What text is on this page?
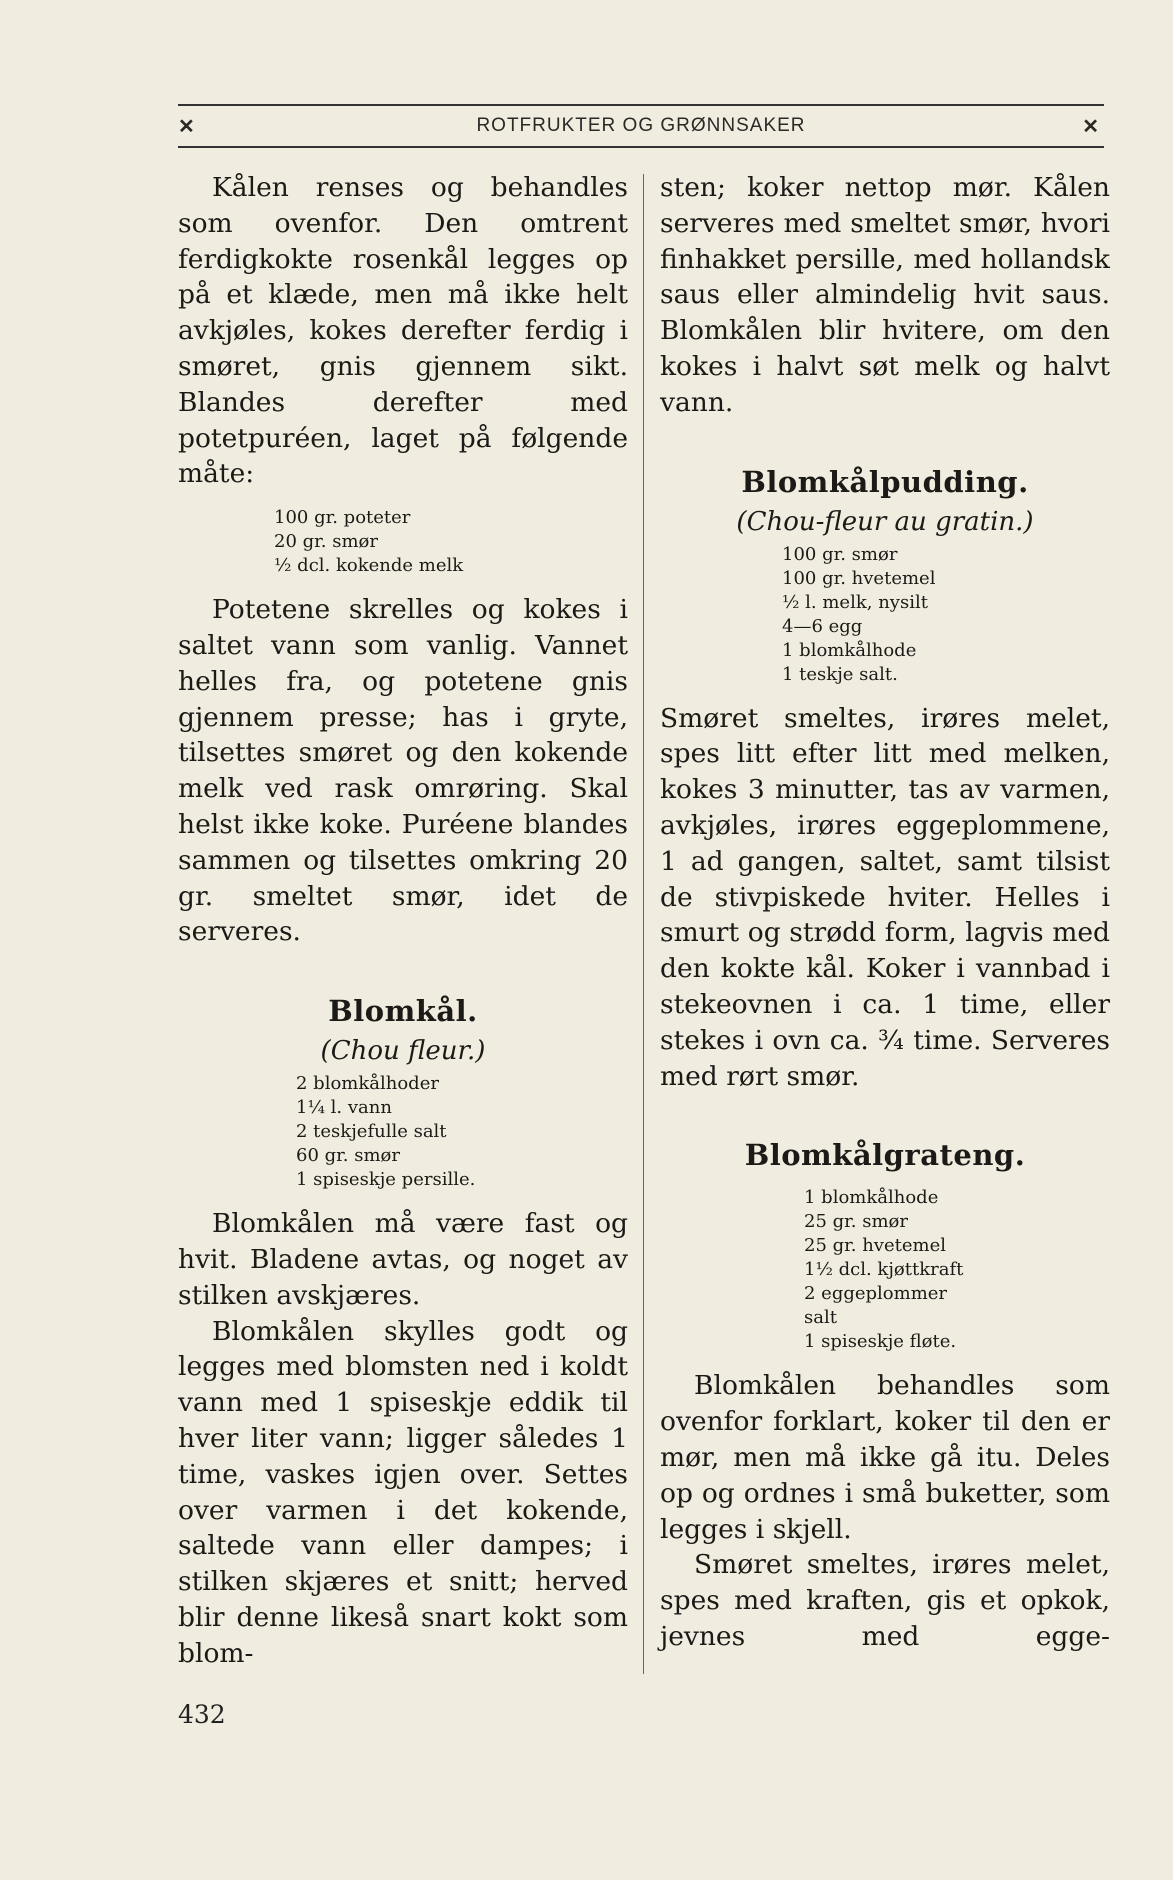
✕	ROTFRUKTER OG GRØNNSAKER	✕

Kålen renses og behandles som ovenfor. Den omtrent ferdigkokte rosenkål legges op på et klæde, men må ikke helt avkjøles, kokes derefter ferdig i smøret, gnis gjennem sikt. Blandes derefter med potetpuréen, laget på følgende måte:

100 gr. poteter
20 gr. smør
½ dcl. kokende melk

Potetene skrelles og kokes i saltet vann som vanlig. Vannet helles fra, og potetene gnis gjennem presse; has i gryte, tilsettes smøret og den kokende melk ved rask omrøring. Skal helst ikke koke. Puréene blandes sammen og tilsettes omkring 20 gr. smeltet smør, idet de serveres.

Blomkål.
(Chou fleur.)
2 blomkålhoder
1¼ l. vann
2 teskjefulle salt
60 gr. smør
1 spiseskje persille.

Blomkålen må være fast og hvit. Bladene avtas, og noget av stilken avskjæres.

Blomkålen skylles godt og legges med blomsten ned i koldt vann med 1 spiseskje eddik til hver liter vann; ligger således 1 time, vaskes igjen over. Settes over varmen i det kokende, saltede vann eller dampes; i stilken skjæres et snitt; herved blir denne likeså snart kokt som blom-

sten; koker nettop mør. Kålen serveres med smeltet smør, hvori finhakket persille, med hollandsk saus eller almindelig hvit saus. Blomkålen blir hvitere, om den kokes i halvt søt melk og halvt vann.

Blomkålpudding.
(Chou-fleur au gratin.)
100 gr. smør
100 gr. hvetemel
½ l. melk, nysilt
4—6 egg
1 blomkålhode
1 teskje salt.

Smøret smeltes, irøres melet, spes litt efter litt med melken, kokes 3 minutter, tas av varmen, avkjøles, irøres eggeplommene, 1 ad gangen, saltet, samt tilsist de stivpiskede hviter. Helles i smurt og strødd form, lagvis med den kokte kål. Koker i vannbad i stekeovnen i ca. 1 time, eller stekes i ovn ca. ¾ time. Serveres med rørt smør.

Blomkålgrateng.
1 blomkålhode
25 gr. smør
25 gr. hvetemel
1½ dcl. kjøttkraft
2 eggeplommer
salt
1 spiseskje fløte.

Blomkålen behandles som ovenfor forklart, koker til den er mør, men må ikke gå itu. Deles op og ordnes i små buketter, som legges i skjell.

Smøret smeltes, irøres melet, spes med kraften, gis et opkok, jevnes med egge-

432
